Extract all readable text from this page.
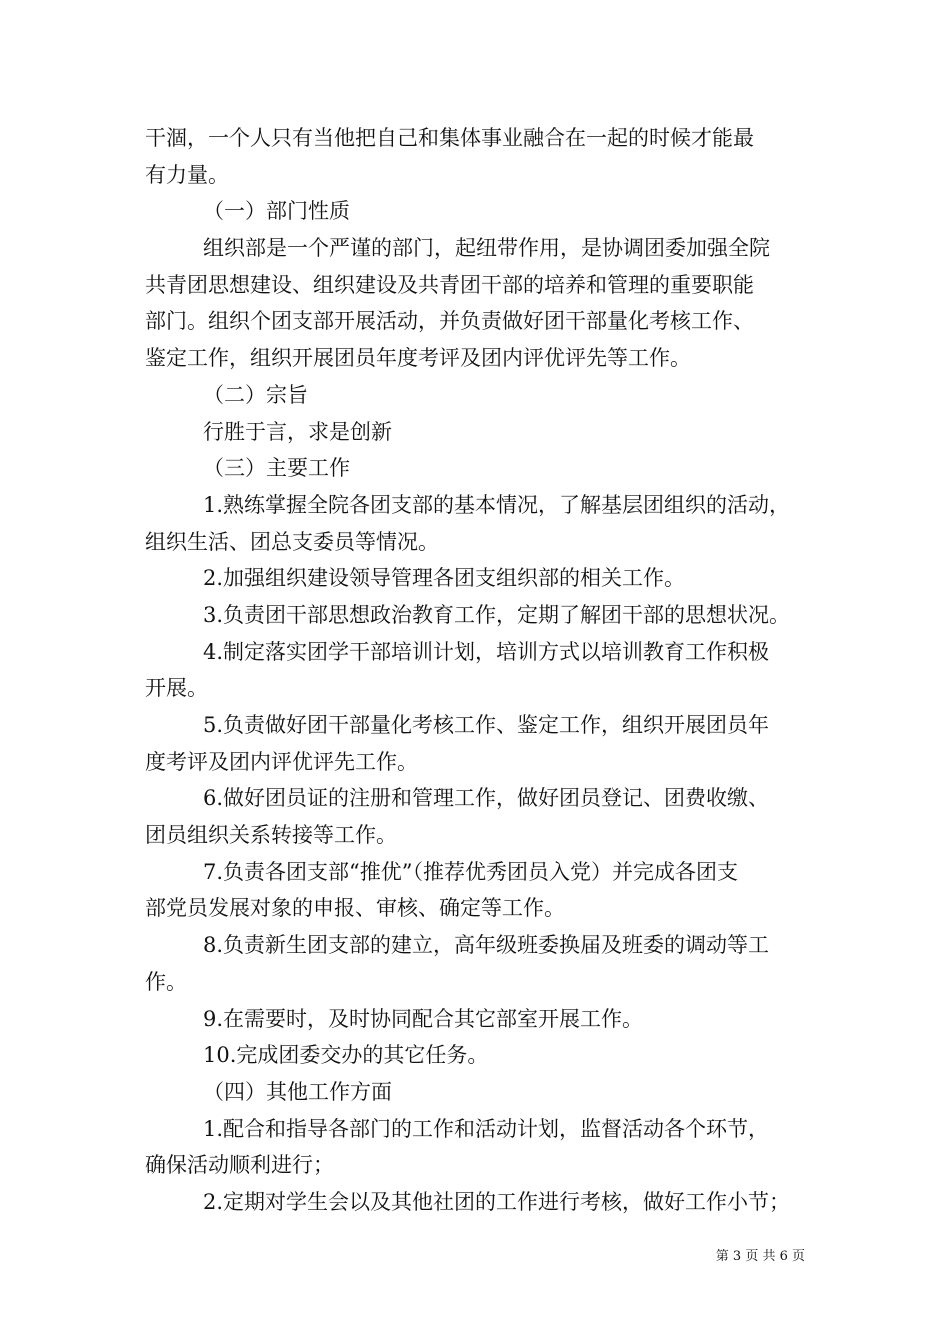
干涸，一个人只有当他把自己和集体事业融合在一起的时候才能最

有力量。

（一）部门性质

组织部是一个严谨的部门，起纽带作用，是协调团委加强全院

共青团思想建设、组织建设及共青团干部的培养和管理的重要职能

部门。组织个团支部开展活动，并负责做好团干部量化考核工作、

鉴定工作，组织开展团员年度考评及团内评优评先等工作。

（二）宗旨

行胜于言，求是创新

（三）主要工作

1.熟练掌握全院各团支部的基本情况，了解基层团组织的活动，

组织生活、团总支委员等情况。

2.加强组织建设领导管理各团支组织部的相关工作。

3.负责团干部思想政治教育工作，定期了解团干部的思想状况。

4.制定落实团学干部培训计划，培训方式以培训教育工作积极

开展。

5.负责做好团干部量化考核工作、鉴定工作，组织开展团员年

度考评及团内评优评先工作。

6.做好团员证的注册和管理工作，做好团员登记、团费收缴、

团员组织关系转接等工作。

7.负责各团支部“推优”（推荐优秀团员入党）并完成各团支

部党员发展对象的申报、审核、确定等工作。

8.负责新生团支部的建立，高年级班委换届及班委的调动等工

作。

9.在需要时，及时协同配合其它部室开展工作。

10.完成团委交办的其它任务。

（四）其他工作方面

1.配合和指导各部门的工作和活动计划，监督活动各个环节，

确保活动顺利进行；

2.定期对学生会以及其他社团的工作进行考核，做好工作小节；

第 3 页 共 6 页
